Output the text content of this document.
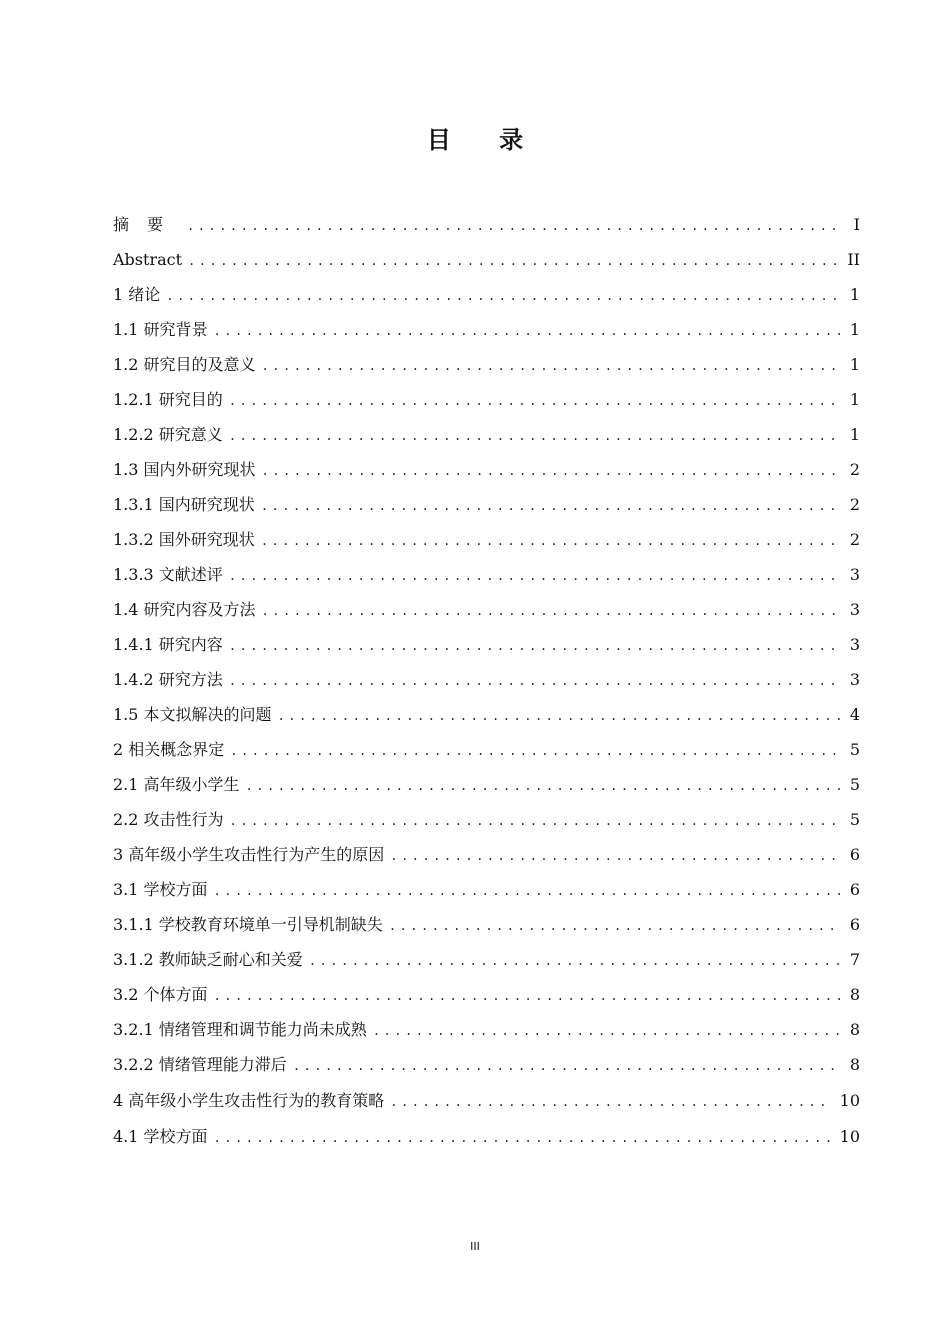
目 录
摘要 .....	I
Abstract .....	II
1 绪论 .....	1
1.1 研究背景 .....	1
1.2 研究目的及意义 .....	1
1.2.1 研究目的 .....	1
1.2.2 研究意义 .....	1
1.3 国内外研究现状 .....	2
1.3.1 国内研究现状 .....	2
1.3.2 国外研究现状 .....	2
1.3.3 文献述评 .....	3
1.4 研究内容及方法 .....	3
1.4.1 研究内容 .....	3
1.4.2 研究方法 .....	3
1.5 本文拟解决的问题 .....	4
2 相关概念界定 .....	5
2.1 高年级小学生 .....	5
2.2 攻击性行为 .....	5
3 高年级小学生攻击性行为产生的原因 .....	6
3.1 学校方面 .....	6
3.1.1 学校教育环境单一引导机制缺失 .....	6
3.1.2 教师缺乏耐心和关爱 .....	7
3.2 个体方面 .....	8
3.2.1 情绪管理和调节能力尚未成熟 .....	8
3.2.2 情绪管理能力滞后 .....	8
4 高年级小学生攻击性行为的教育策略 .....	10
4.1 学校方面 .....	10
III
